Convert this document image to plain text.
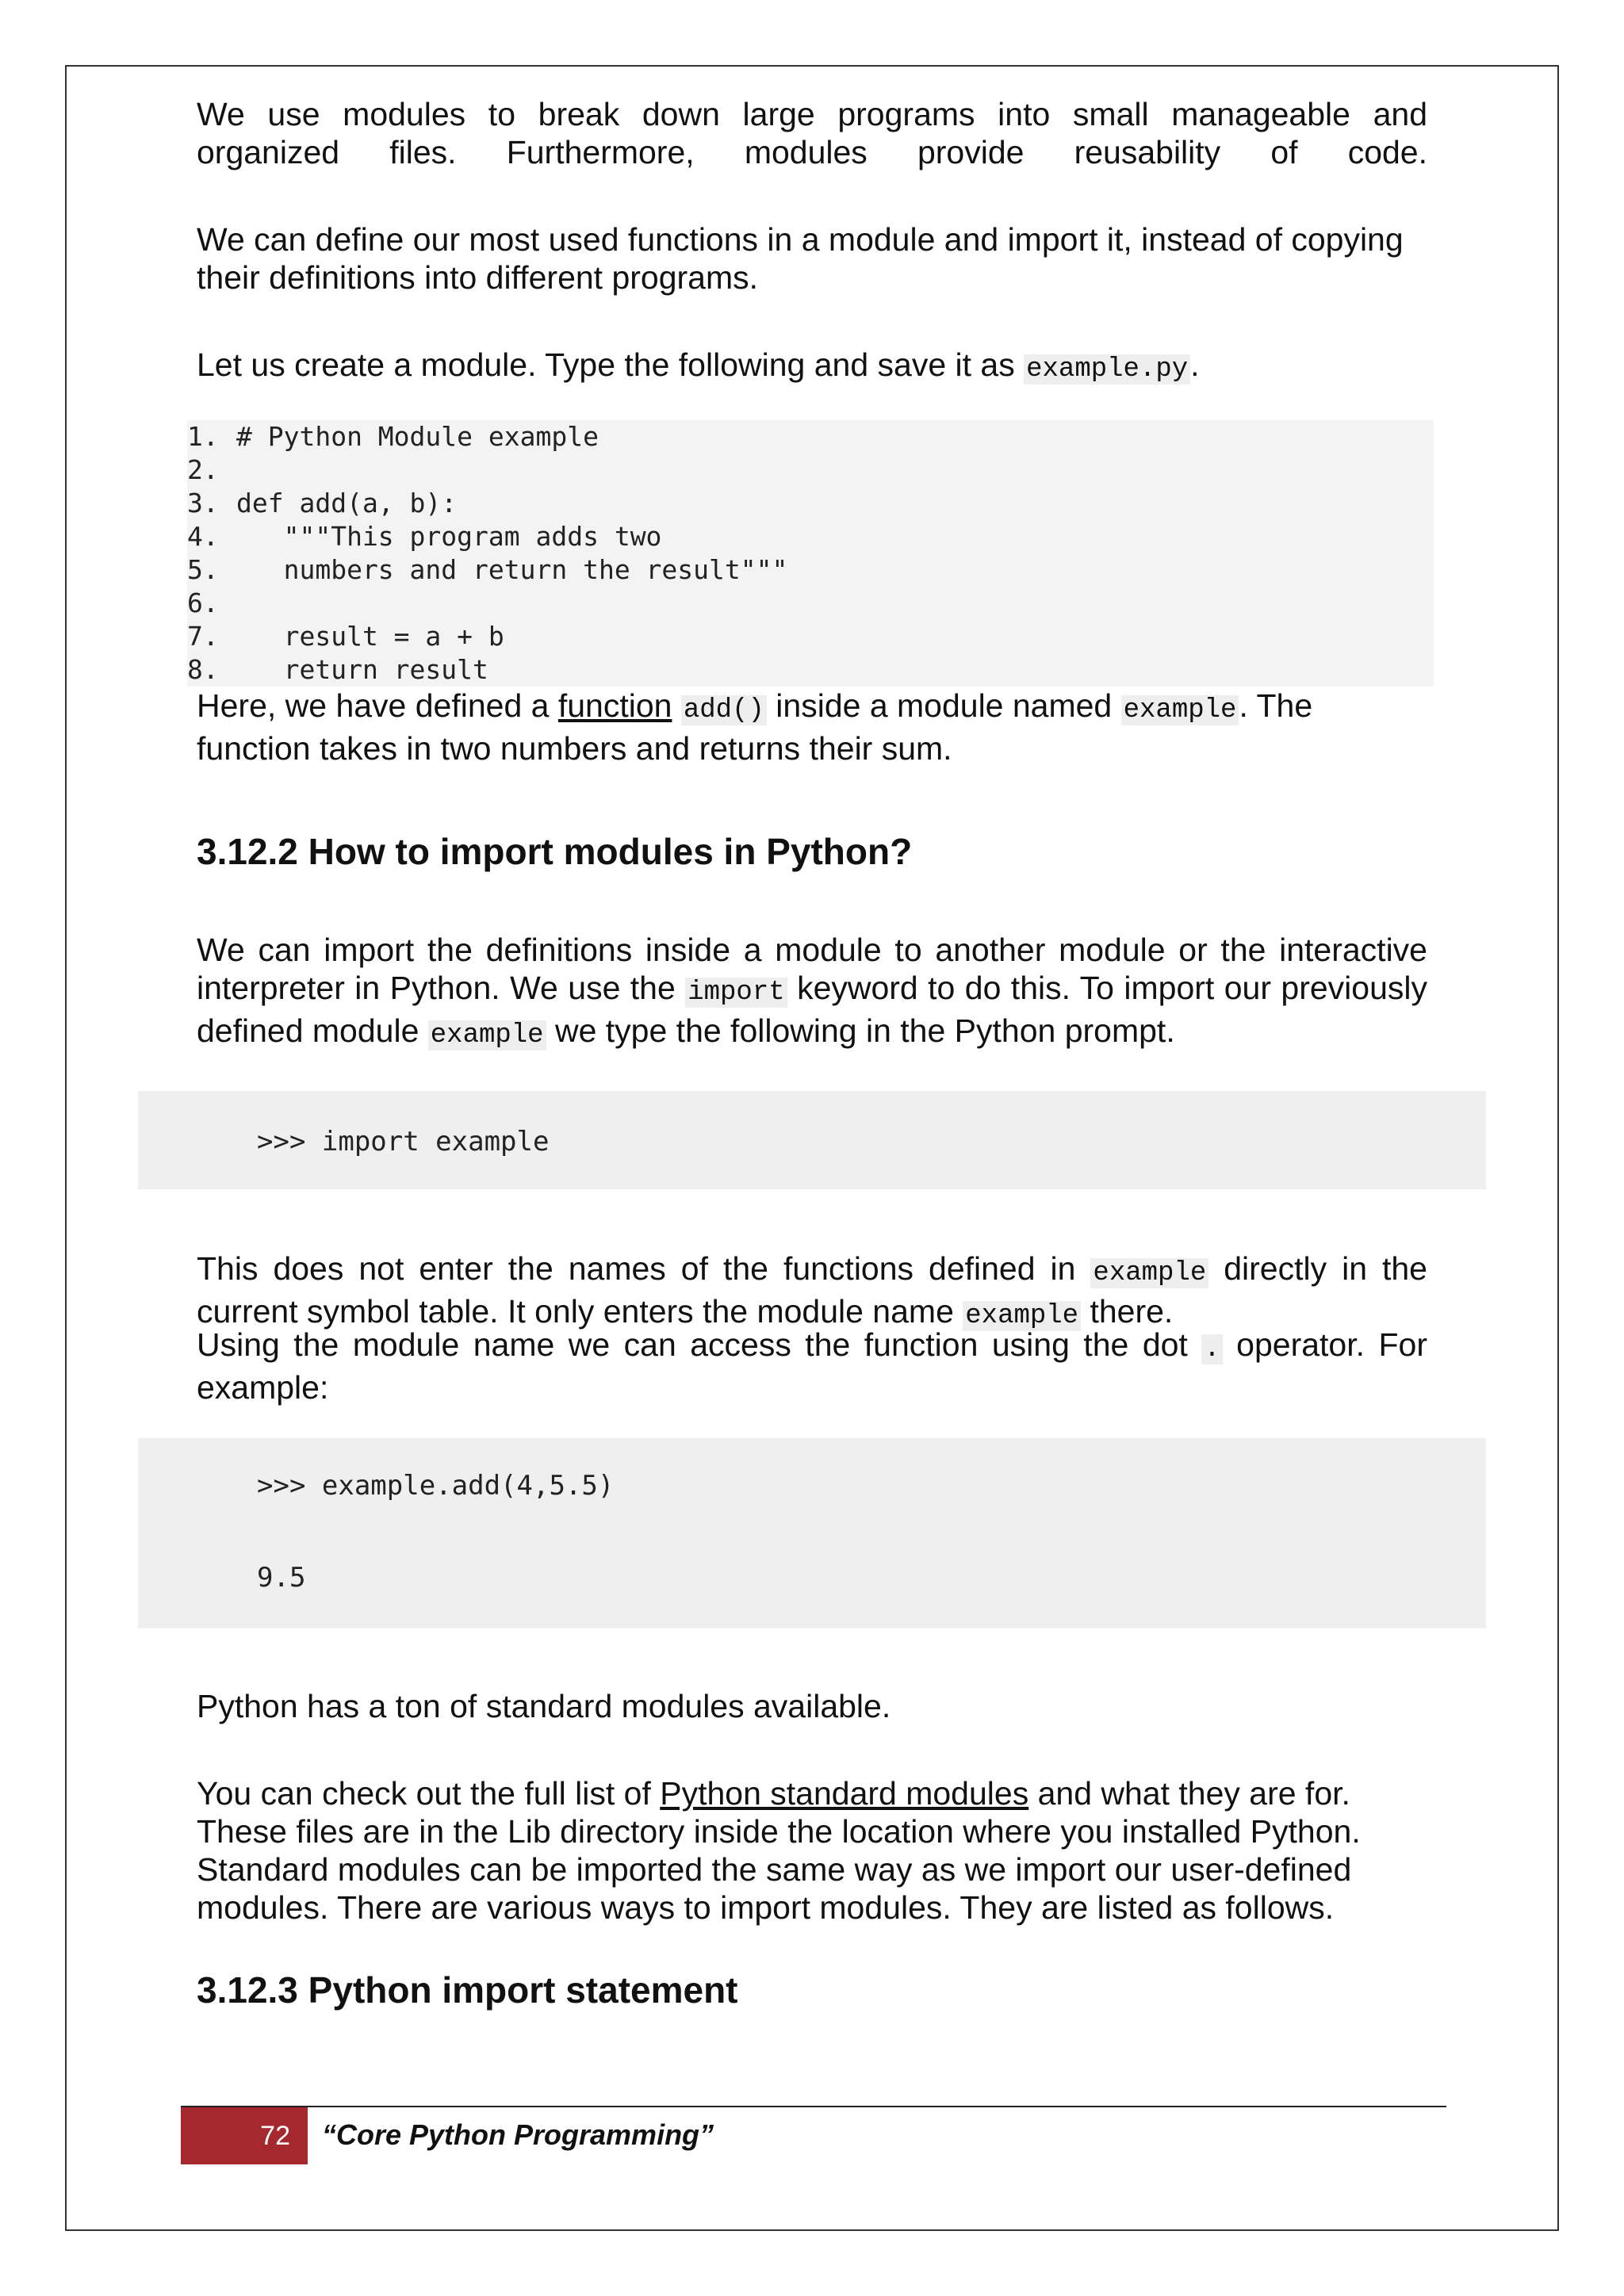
We use modules to break down large programs into small manageable and organized files. Furthermore, modules provide reusability of code.

We can define our most used functions in a module and import it, instead of copying their definitions into different programs.

Let us create a module. Type the following and save it as example.py.

1. # Python Module example
2.
3. def add(a, b):
4.   """This program adds two
5.   numbers and return the result"""
6.
7.   result = a + b
8.   return result

Here, we have defined a function add() inside a module named example. The function takes in two numbers and returns their sum.

3.12.2 How to import modules in Python?

We can import the definitions inside a module to another module or the interactive interpreter in Python. We use the import keyword to do this. To import our previously defined module example we type the following in the Python prompt.

>>> import example

This does not enter the names of the functions defined in example directly in the current symbol table. It only enters the module name example there.

Using the module name we can access the function using the dot . operator. For example:

>>> example.add(4,5.5)
9.5

Python has a ton of standard modules available.

You can check out the full list of Python standard modules and what they are for. These files are in the Lib directory inside the location where you installed Python. Standard modules can be imported the same way as we import our user-defined modules. There are various ways to import modules. They are listed as follows.

3.12.3 Python import statement
72	“Core Python Programming”
